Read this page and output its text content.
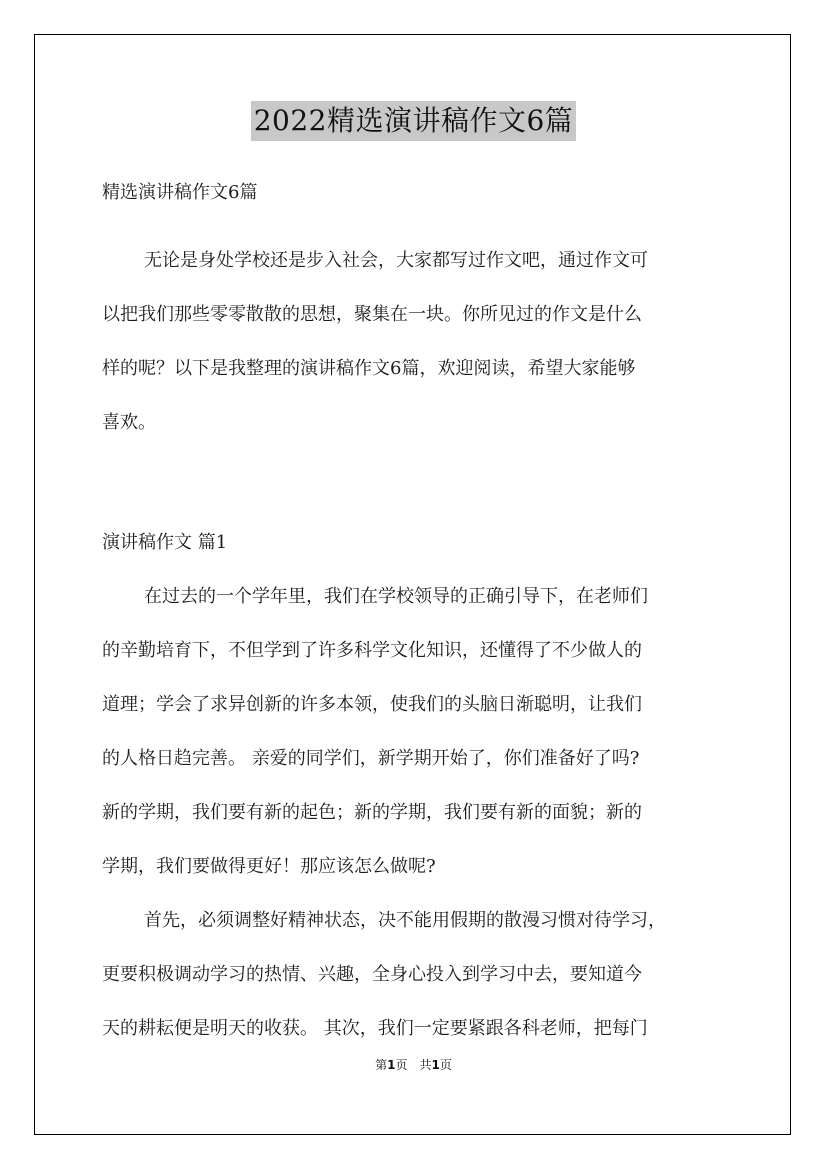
2022精选演讲稿作文6篇
精选演讲稿作文6篇
无论是身处学校还是步入社会，大家都写过作文吧，通过作文可
以把我们那些零零散散的思想，聚集在一块。你所见过的作文是什么
样的呢？以下是我整理的演讲稿作文6篇，欢迎阅读，希望大家能够
喜欢。
演讲稿作文 篇1
在过去的一个学年里，我们在学校领导的正确引导下，在老师们
的辛勤培育下，不但学到了许多科学文化知识，还懂得了不少做人的
道理；学会了求异创新的许多本领，使我们的头脑日渐聪明，让我们
的人格日趋完善。 亲爱的同学们，新学期开始了，你们准备好了吗?
新的学期，我们要有新的起色；新的学期，我们要有新的面貌；新的
学期，我们要做得更好！那应该怎么做呢?
首先，必须调整好精神状态，决不能用假期的散漫习惯对待学习，
更要积极调动学习的热情、兴趣，全身心投入到学习中去，要知道今
天的耕耘便是明天的收获。 其次，我们一定要紧跟各科老师，把每门
第1页　共1页
